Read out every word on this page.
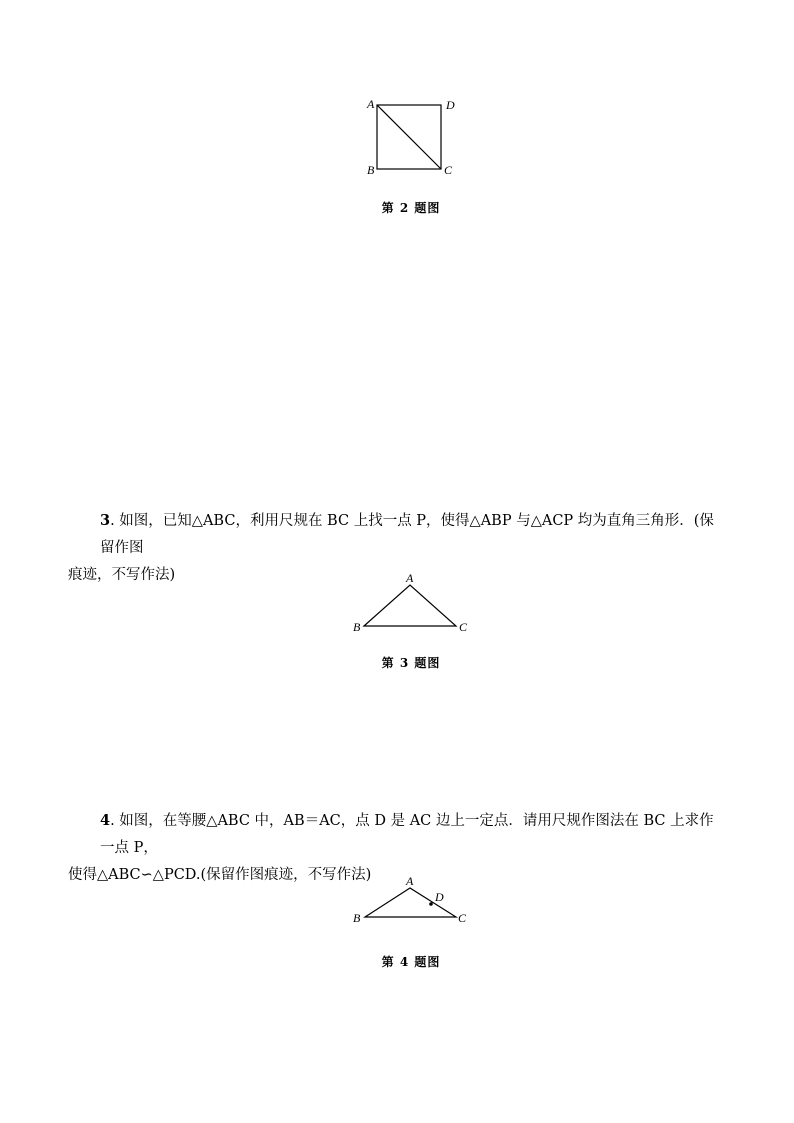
A	D
B	C
第 2 题图
3. 如图，已知△ABC，利用尺规在 BC 上找一点 P，使得△ABP 与△ACP 均为直角三角形．(保留作图
痕迹，不写作法)	A
B	C
第 3 题图
4. 如图，在等腰△ABC 中，AB＝AC，点 D 是 AC 边上一定点．请用尺规作图法在 BC 上求作一点 P，
使得△ABC∽△PCD.(保留作图痕迹，不写作法)	A
D
B	C
第 4 题图
